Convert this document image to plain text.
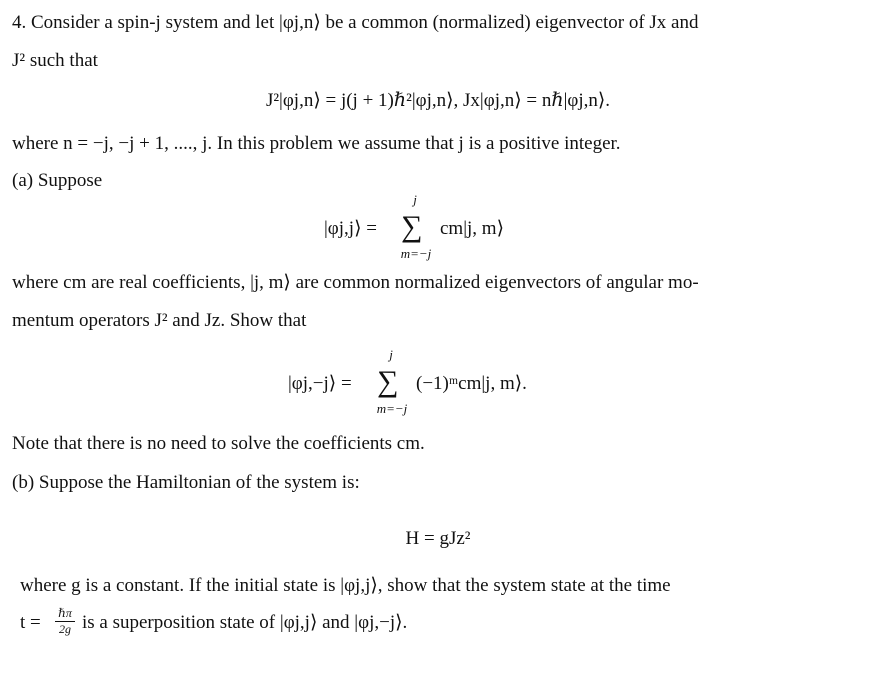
4. Consider a spin-j system and let |φj,n⟩ be a common (normalized) eigenvector of Jx and
J² such that
J²|φj,n⟩ = j(j + 1)ℏ²|φj,n⟩, Jx|φj,n⟩ = nℏ|φj,n⟩.
where n = −j, −j + 1, ...., j. In this problem we assume that j is a positive integer.
(a) Suppose
|φj,j⟩ =
j
∑
m=−j
cm|j, m⟩
where cm are real coefficients, |j, m⟩ are common normalized eigenvectors of angular mo-
mentum operators J² and Jz. Show that
|φj,−j⟩ =
j
∑
m=−j
(−1)ᵐcm|j, m⟩.
Note that there is no need to solve the coefficients cm.
(b) Suppose the Hamiltonian of the system is:
H = gJz²
where g is a constant. If the initial state is |φj,j⟩, show that the system state at the time
t =	ℏπ
2g is a superposition state of |φj,j⟩ and |φj,−j⟩.
